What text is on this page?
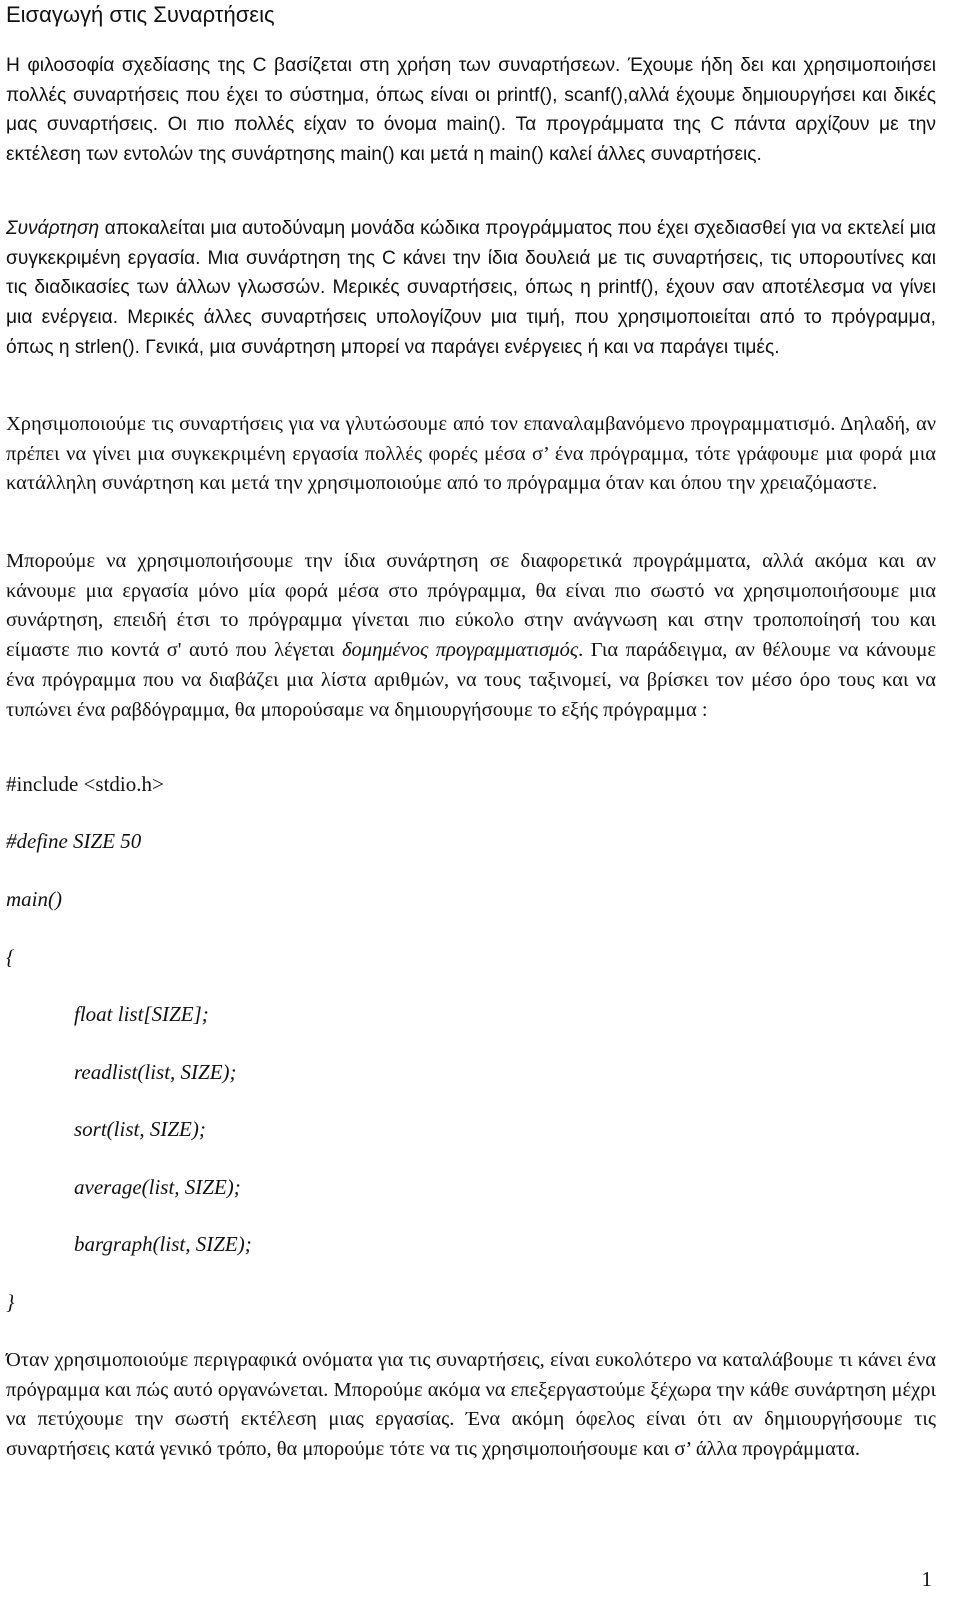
Εισαγωγή στις Συναρτήσεις

Η φιλοσοφία σχεδίασης της C βασίζεται στη χρήση των συναρτήσεων. Έχουμε ήδη δει και χρησιμοποιήσει πολλές συναρτήσεις που έχει το σύστημα, όπως είναι οι printf(), scanf(),αλλά έχουμε δημιουργήσει και δικές μας συναρτήσεις. Οι πιο πολλές είχαν το όνομα main(). Τα προγράμματα της C πάντα αρχίζουν με την εκτέλεση των εντολών της συνάρτησης main() και μετά η main() καλεί άλλες συναρτήσεις.

Συνάρτηση αποκαλείται μια αυτοδύναμη μονάδα κώδικα προγράμματος που έχει σχεδιασθεί για να εκτελεί μια συγκεκριμένη εργασία. Μια συνάρτηση της C κάνει την ίδια δουλειά με τις συναρτήσεις, τις υπορουτίνες και τις διαδικασίες των άλλων γλωσσών. Μερικές συναρτήσεις, όπως η printf(), έχουν σαν αποτέλεσμα να γίνει μια ενέργεια. Μερικές άλλες συναρτήσεις υπολογίζουν μια τιμή, που χρησιμοποιείται από το πρόγραμμα, όπως η strlen(). Γενικά, μια συνάρτηση μπορεί να παράγει ενέργειες ή και να παράγει τιμές.

Χρησιμοποιούμε τις συναρτήσεις για να γλυτώσουμε από τον επαναλαμβανόμενο προγραμματισμό. Δηλαδή, αν πρέπει να γίνει μια συγκεκριμένη εργασία πολλές φορές μέσα σ’ ένα πρόγραμμα, τότε γράφουμε μια φορά μια κατάλληλη συνάρτηση και μετά την χρησιμοποιούμε από το πρόγραμμα όταν και όπου την χρειαζόμαστε.

Μπορούμε να χρησιμοποιήσουμε την ίδια συνάρτηση σε διαφορετικά προγράμματα, αλλά ακόμα και αν κάνουμε μια εργασία μόνο μία φορά μέσα στο πρόγραμμα, θα είναι πιο σωστό να χρησιμοποιήσουμε μια συνάρτηση, επειδή έτσι το πρόγραμμα γίνεται πιο εύκολο στην ανάγνωση και στην τροποποίησή του και είμαστε πιο κοντά σ' αυτό που λέγεται δομημένος προγραμματισμός. Για παράδειγμα, αν θέλουμε να κάνουμε ένα πρόγραμμα που να διαβάζει μια λίστα αριθμών, να τους ταξινομεί, να βρίσκει τον μέσο όρο τους και να τυπώνει ένα ραβδόγραμμα, θα μπορούσαμε να δημιουργήσουμε το εξής πρόγραμμα :

#include <stdio.h>

#define SIZE 50

main()

{

float list[SIZE];

readlist(list, SIZE);

sort(list, SIZE);

average(list, SIZE);

bargraph(list, SIZE);

}

Όταν χρησιμοποιούμε περιγραφικά ονόματα για τις συναρτήσεις, είναι ευκολότερο να καταλάβουμε τι κάνει ένα πρόγραμμα και πώς αυτό οργανώνεται. Μπορούμε ακόμα να επεξεργαστούμε ξέχωρα την κάθε συνάρτηση μέχρι να πετύχουμε την σωστή εκτέλεση μιας εργασίας. Ένα ακόμη όφελος είναι ότι αν δημιουργήσουμε τις συναρτήσεις κατά γενικό τρόπο, θα μπορούμε τότε να τις χρησιμοποιήσουμε και σ’ άλλα προγράμματα.

1
